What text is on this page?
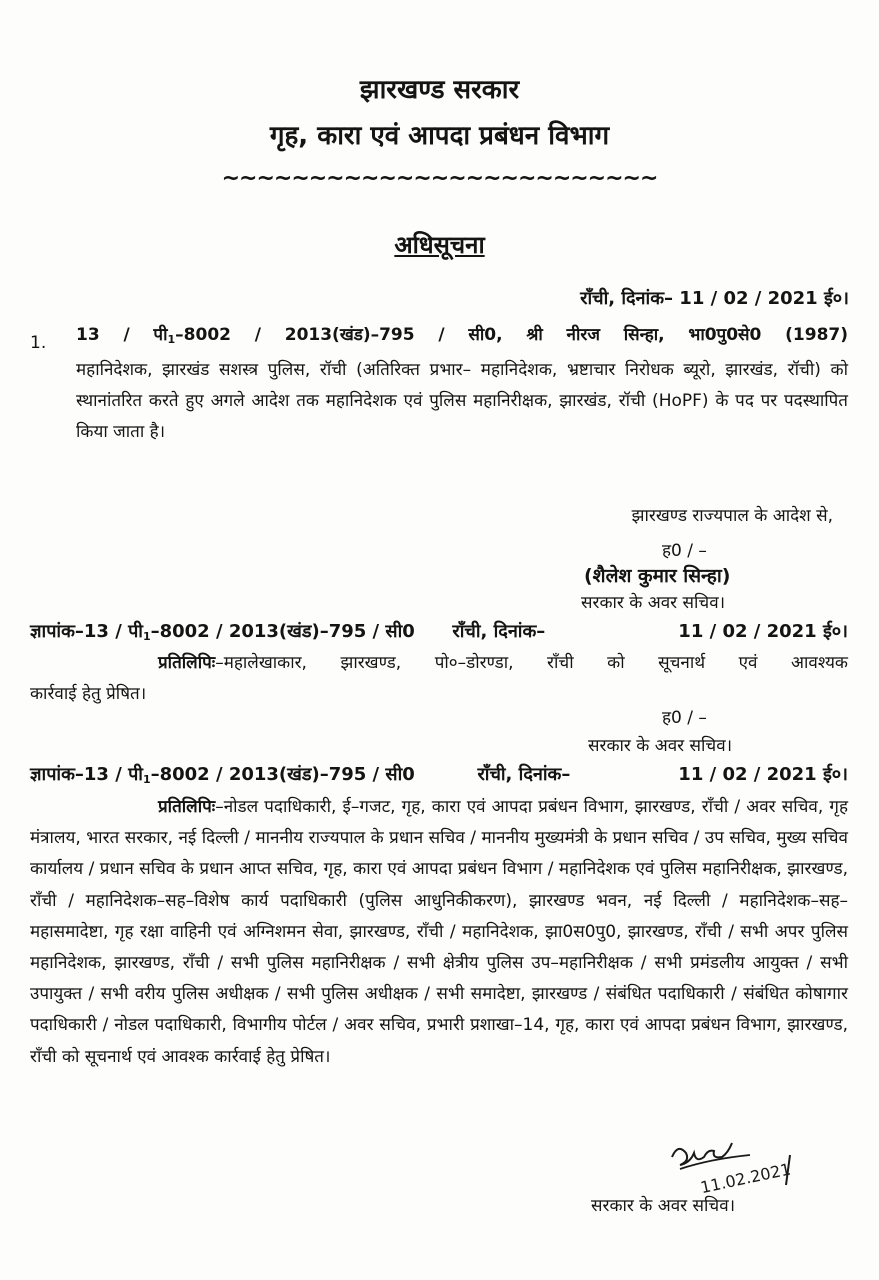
झारखण्ड सरकार
गृह, कारा एवं आपदा प्रबंधन विभाग
~~~~~~~~~~~~~~~~~~~~~~~~~
अधिसूचना
राँची, दिनांक– 11 / 02 / 2021 ई०।
1. $13 / पी_1-8002$ / 2013(खंड)–795 / सी0, श्री नीरज सिन्हा, भा0पु0से0 (1987)
महानिदेशक, झारखंड सशस्त्र पुलिस, रॉची (अतिरिक्त प्रभार– महानिदेशक, भ्रष्टाचार निरोधक ब्यूरो, झारखंड, रॉची) को स्थानांतरित करते हुए अगले आदेश तक महानिदेशक एवं पुलिस महानिरीक्षक, झारखंड, रॉची (HoPF) के पद पर पदस्थापित किया जाता है।
झारखण्ड राज्यपाल के आदेश से,
ह0 / –
(शैलेश कुमार सिन्हा)
सरकार के अवर सचिव।
ज्ञापांक–13 / $पी_1-8002$ / 2013(खंड)–795 / सी0 राँची, दिनांक–	11 / 02 / 2021 ई०।
प्रतिलिपिः–महालेखाकार, झारखण्ड, पो०–डोरण्डा, राँची को सूचनार्थ एवं आवश्यक
कार्रवाई हेतु प्रेषित।
ह0 / –
सरकार के अवर सचिव।
ज्ञापांक–13 / $पी_1-8002$ / 2013(खंड)–795 / सी0	राँची, दिनांक–	11 / 02 / 2021 ई०।
प्रतिलिपिः–नोडल पदाधिकारी, ई–गजट, गृह, कारा एवं आपदा प्रबंधन विभाग, झारखण्ड, राँची / अवर सचिव, गृह मंत्रालय, भारत सरकार, नई दिल्ली / माननीय राज्यपाल के प्रधान सचिव / माननीय मुख्यमंत्री के प्रधान सचिव / उप सचिव, मुख्य सचिव कार्यालय / प्रधान सचिव के प्रधान आप्त सचिव, गृह, कारा एवं आपदा प्रबंधन विभाग / महानिदेशक एवं पुलिस महानिरीक्षक, झारखण्ड, राँची / महानिदेशक–सह–विशेष कार्य पदाधिकारी (पुलिस आधुनिकीकरण), झारखण्ड भवन, नई दिल्ली / महानिदेशक–सह–महासमादेष्टा, गृह रक्षा वाहिनी एवं अग्निशमन सेवा, झारखण्ड, राँची / महानिदेशक, झा0स0पु0, झारखण्ड, राँची / सभी अपर पुलिस महानिदेशक, झारखण्ड, राँची / सभी पुलिस महानिरीक्षक / सभी क्षेत्रीय पुलिस उप–महानिरीक्षक / सभी प्रमंडलीय आयुक्त / सभी उपायुक्त / सभी वरीय पुलिस अधीक्षक / सभी पुलिस अधीक्षक / सभी समादेष्टा, झारखण्ड / संबंधित पदाधिकारी / संबंधित कोषागार पदाधिकारी / नोडल पदाधिकारी, विभागीय पोर्टल / अवर सचिव, प्रभारी प्रशाखा–14, गृह, कारा एवं आपदा प्रबंधन विभाग, झारखण्ड, राँची को सूचनार्थ एवं आवश्क कार्रवाई हेतु प्रेषित।
11.02.2021
सरकार के अवर सचिव।
